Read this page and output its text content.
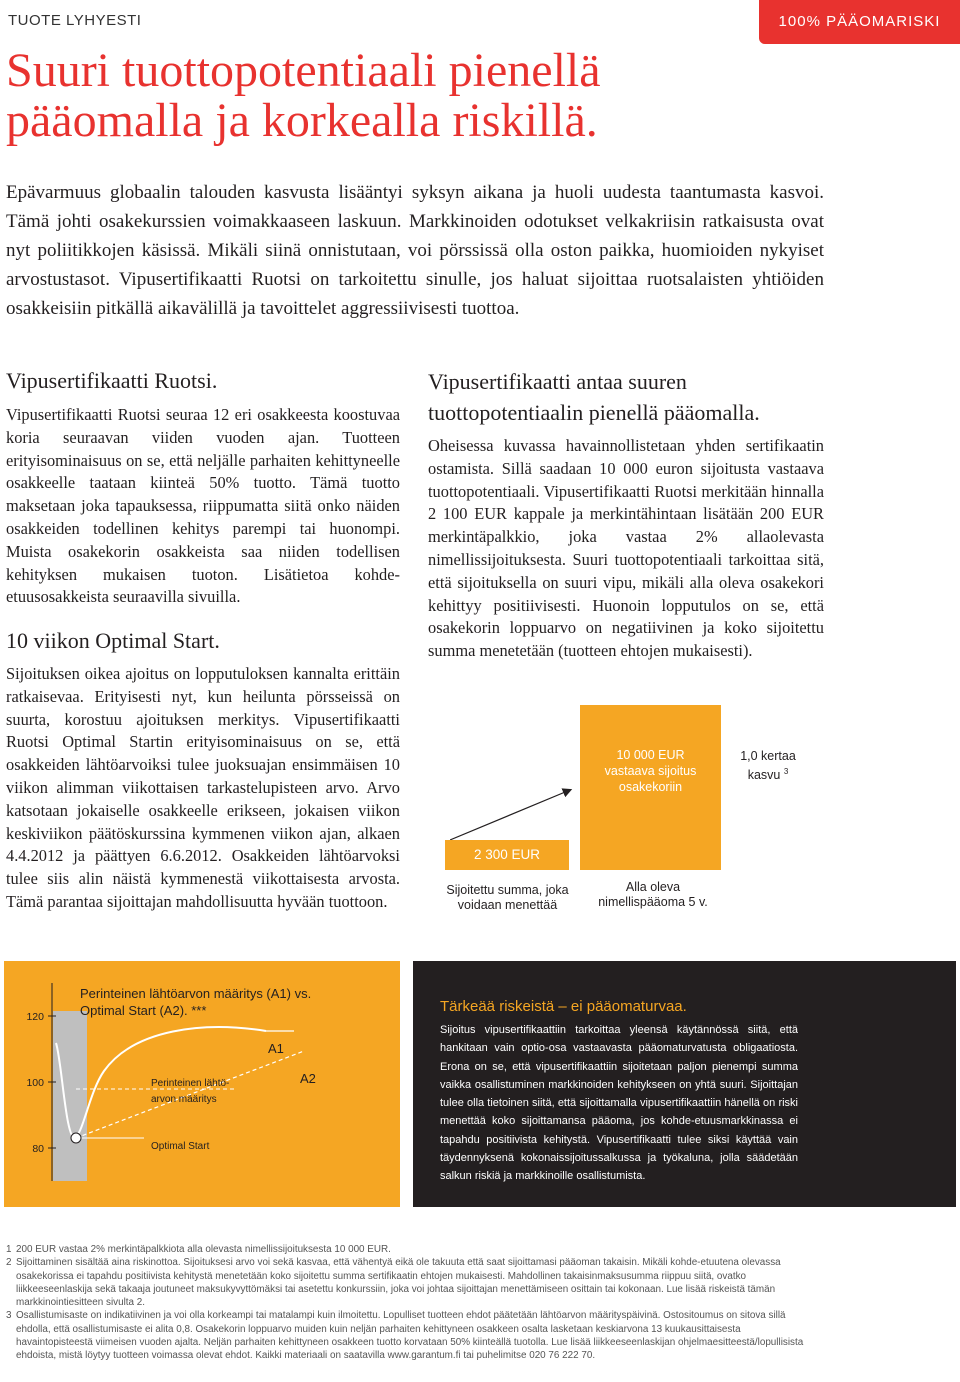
TUOTE LYHYESTI	100% PÄÄOMARISKI
Suuri tuottopotentiaali pienellä
pääomalla ja korkealla riskillä.

Epävarmuus globaalin talouden kasvusta lisääntyi syksyn aikana ja huoli uudesta taantumasta kasvoi. Tämä johti osakekurssien voimakkaaseen laskuun. Markkinoiden odotukset velkakriisin ratkaisusta ovat nyt poliitikkojen käsissä. Mikäli siinä onnistutaan, voi pörssissä olla oston paikka, huomioiden nykyiset arvostustasot. Vipusertifikaatti Ruotsi on tarkoitettu sinulle, jos haluat sijoittaa ruotsalaisten yhtiöiden osakkeisiin pitkällä aikavälillä ja tavoittelet aggressiivisesti tuottoa.

Vipusertifikaatti Ruotsi.

Vipusertifikaatti Ruotsi seuraa 12 eri osakkeesta koostuvaa koria seuraavan viiden vuoden ajan. Tuotteen erityisominaisuus on se, että neljälle parhaiten kehittyneelle osakkeelle taataan kiinteä 50% tuotto. Tämä tuotto maksetaan joka tapauksessa, riippumatta siitä onko näiden osakkeiden todellinen kehitys parempi tai huonompi. Muista osakekorin osakkeista saa niiden todellisen kehityksen mukaisen tuoton. Lisätietoa kohde-etuusosakkeista seuraavilla sivuilla.

10 viikon Optimal Start.

Sijoituksen oikea ajoitus on lopputuloksen kannalta erittäin ratkaisevaa. Erityisesti nyt, kun heilunta pörsseissä on suurta, korostuu ajoituksen merkitys. Vipusertifikaatti Ruotsi Optimal Startin erityisominaisuus on se, että osakkeiden lähtöarvoiksi tulee juoksuajan ensimmäisen 10 viikon alimman viikottaisen tarkastelupisteen arvo. Arvo katsotaan jokaiselle osakkeelle erikseen, jokaisen viikon keskiviikon päätöskurssina kymmenen viikon ajan, alkaen 4.4.2012 ja päättyen 6.6.2012. Osakkeiden lähtöarvoksi tulee siis alin näistä kymmenestä viikottaisesta arvosta. Tämä parantaa sijoittajan mahdollisuutta hyvään tuottoon.

Vipusertifikaatti antaa suuren tuottopotentiaalin pienellä pääomalla.

Oheisessa kuvassa havainnollistetaan yhden sertifikaatin ostamista. Sillä saadaan 10 000 euron sijoitusta vastaava tuottopotentiaali. Vipusertifikaatti Ruotsi merkitään hinnalla 2 100 EUR kappale ja merkintähintaan lisätään 200 EUR merkintäpalkkio, joka vastaa 2% allaolevasta nimellissijoituksesta. Suuri tuottopotentiaali tarkoittaa sitä, että sijoituksella on suuri vipu, mikäli alla oleva osakekori kehittyy positiivisesti. Huonoin lopputulos on se, että osakekorin loppuarvo on negatiivinen ja koko sijoitettu summa menetetään (tuotteen ehtojen mukaisesti).

2 300 EUR
10 000 EUR
vastaava sijoitus
osakekoriin
Sijoitettu summa, joka voidaan menettää
Alla oleva nimellispääoma 5 v.
1,0 kertaa
kasvu $^3$
120
100
80
A1
A2
Perinteinen lähtö-
arvon määritys
Optimal Start
Perinteinen lähtöarvon määritys (A1) vs. Optimal Start (A2). ***	Tärkeää riskeistä – ei pääomaturvaa.

Sijoitus vipusertifikaattiin tarkoittaa yleensä käytännössä siitä, että hankitaan vain optio-osa vastaavasta pääomaturvatusta obligaatiosta. Erona on se, että vipusertifikaattiin sijoitetaan paljon pienempi summa vaikka osallistuminen markkinoiden kehitykseen on yhtä suuri. Sijoittajan tulee olla tietoinen siitä, että sijoittamalla vipusertifikaattiin hänellä on riski menettää koko sijoittamansa pääoma, jos kohde-etuusmarkkinassa ei tapahdu positiivista kehitystä. Vipusertifikaatti tulee siksi käyttää vain täydennyksenä kokonaissijoitussalkussa ja työkaluna, jolla säädetään salkun riskiä ja markkinoille osallistumista.

1 200 EUR vastaa 2% merkintäpalkkiota alla olevasta nimellissijoituksesta 10 000 EUR.
2 Sijoittaminen sisältää aina riskinottoa. Sijoituksesi arvo voi sekä kasvaa, että vähentyä eikä ole takuuta että saat sijoittamasi pääoman takaisin. Mikäli kohde-etuutena olevassa osakekorissa ei tapahdu positiivista kehitystä menetetään koko sijoitettu summa sertifikaatin ehtojen mukaisesti. Mahdollinen takaisinmaksusumma riippuu siitä, ovatko liikkeeseenlaskija sekä takaaja joutuneet maksukyvyttömäksi tai asetettu konkurssiin, joka voi johtaa sijoittajan menettämiseen osittain tai kokonaan. Lue lisää riskeistä tämän markkinointiesitteen sivulta 2.
3 Osallistumisaste on indikatiivinen ja voi olla korkeampi tai matalampi kuin ilmoitettu. Lopulliset tuotteen ehdot päätetään lähtöarvon määrityspäivinä. Ostositoumus on sitova sillä ehdolla, että osallistumisaste ei alita 0,8. Osakekorin loppuarvo muiden kuin neljän parhaiten kehittyneen osakkeen osalta lasketaan keskiarvona 13 kuukausittaisesta havaintopisteestä viimeisen vuoden ajalta. Neljän parhaiten kehittyneen osakkeen tuotto korvataan 50% kiinteällä tuotolla. Lue lisää liikkeeseenlaskijan ohjelmaesitteestä/lopullisista ehdoista, mistä löytyy tuotteen voimassa olevat ehdot. Kaikki materiaali on saatavilla www.garantum.fi tai puhelimitse 020 76 222 70.
